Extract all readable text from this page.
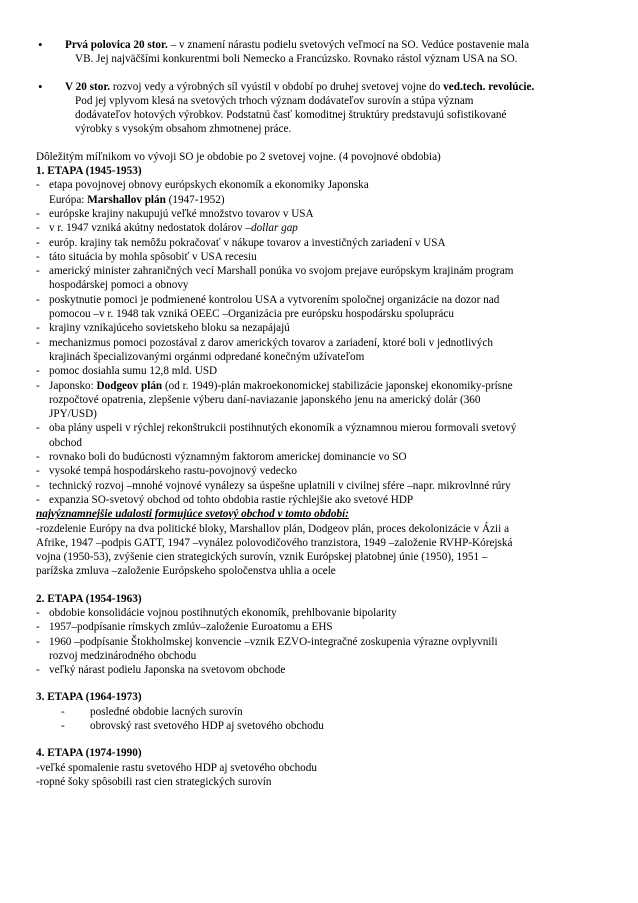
• Prvá polovica 20 stor. – v znamení nárastu podielu svetových veľmocí na SO. Vedúce postavenie mala
VB. Jej najväčšími konkurentmi boli Nemecko a Francúzsko. Rovnako rástol význam USA na SO.
• V 20 stor. rozvoj vedy a výrobných síl vyústil v období po druhej svetovej vojne do ved.tech. revolúcie.
Pod jej vplyvom klesá na svetových trhoch význam dodávateľov surovín a stúpa význam
dodávateľov hotových výrobkov. Podstatnú časť komoditnej štruktúry predstavujú sofistikované
výrobky s vysokým obsahom zhmotnenej práce.
Dôležitým míľnikom vo vývoji SO je obdobie po 2 svetovej vojne. (4 povojnové obdobia)
1. ETAPA (1945-1953)
- etapa povojnovej obnovy európskych ekonomík a ekonomiky Japonska
Európa: Marshallov plán (1947-1952)
- európske krajiny nakupujú veľké množstvo tovarov v USA
- v r. 1947 vzniká akútny nedostatok dolárov –dollar gap
- európ. krajiny tak nemôžu pokračovať v nákupe tovarov a investičných zariadení v USA
- táto situácia by mohla spôsobiť v USA recesiu
- americký minister zahraničných vecí Marshall ponúka vo svojom prejave európskym krajinám program
hospodárskej pomoci a obnovy
- poskytnutie pomoci je podmienené kontrolou USA a vytvorením spoločnej organizácie na dozor nad
pomocou –v r. 1948 tak vzniká OEEC –Organizácia pre európsku hospodársku spoluprácu
- krajiny vznikajúceho sovietskeho bloku sa nezapájajú
- mechanizmus pomoci pozostával z darov amerických tovarov a zariadení, ktoré boli v jednotlivých
krajinách špecializovanými orgánmi odpredané konečným užívateľom
- pomoc dosiahla sumu 12,8 mld. USD
- Japonsko: Dodgeov plán (od r. 1949)-plán makroekonomickej stabilizácie japonskej ekonomiky-prísne
rozpočtové opatrenia, zlepšenie výberu daní-naviazanie japonského jenu na americký dolár (360
JPY/USD)
- oba plány uspeli v rýchlej rekonštrukcii postihnutých ekonomík a významnou mierou formovali svetový
obchod
- rovnako boli do budúcnosti významným faktorom americkej dominancie vo SO
- vysoké tempá hospodárskeho rastu-povojnový vedecko
- technický rozvoj –mnohé vojnové vynálezy sa úspešne uplatnili v civilnej sfére –napr. mikrovlnné rúry
- expanzia SO-svetový obchod od tohto obdobia rastie rýchlejšie ako svetové HDP
najvýznamnejšie udalosti formujúce svetový obchod v tomto období:
-rozdelenie Európy na dva politické bloky, Marshallov plán, Dodgeov plán, proces dekolonizácie v Ázii a
Afrike, 1947 –podpis GATT, 1947 –vynález polovodičového tranzistora, 1949 –založenie RVHP-Kórejská
vojna (1950-53), zvýšenie cien strategických surovín, vznik Európskej platobnej únie (1950), 1951 –
parížska zmluva –založenie Európskeho spoločenstva uhlia a ocele
2. ETAPA (1954-1963)
- obdobie konsolidácie vojnou postihnutých ekonomík, prehlbovanie bipolarity
- 1957–podpísanie rímskych zmlúv–založenie Euroatomu a EHS
- 1960 –podpísanie Štokholmskej konvencie –vznik EZVO-integračné zoskupenia výrazne ovplyvnili
rozvoj medzinárodného obchodu
- veľký nárast podielu Japonska na svetovom obchode
3. ETAPA (1964-1973)
- posledné obdobie lacných surovín
- obrovský rast svetového HDP aj svetového obchodu
4. ETAPA (1974-1990)
-veľké spomalenie rastu svetového HDP aj svetového obchodu
-ropné šoky spôsobili rast cien strategických surovín
